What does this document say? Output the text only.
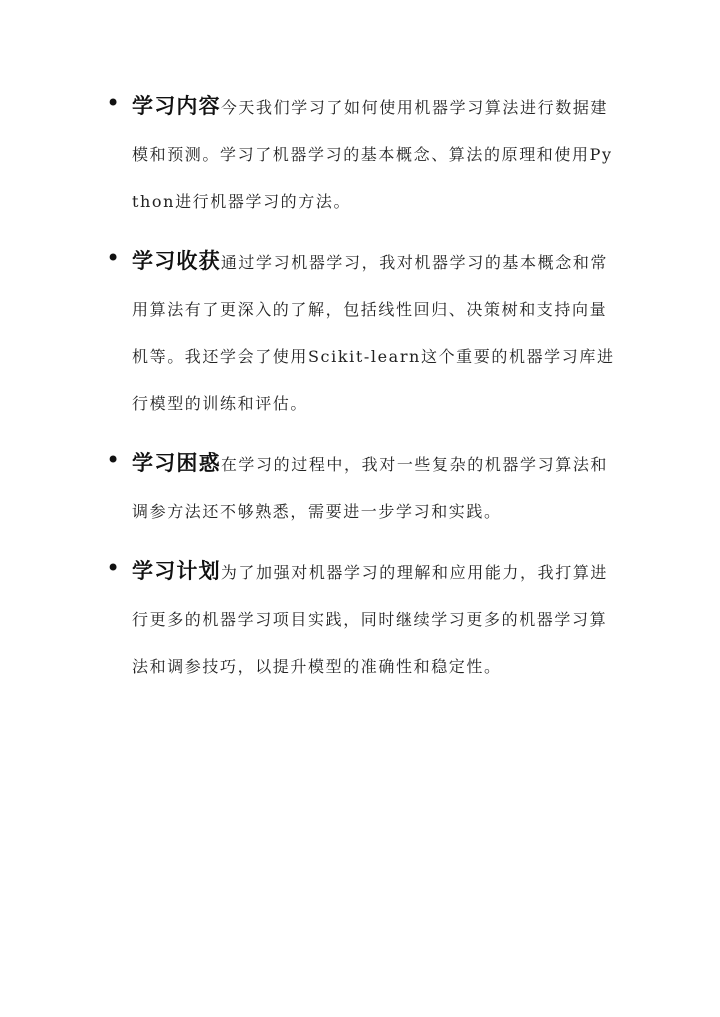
• 学习内容今天我们学习了如何使用机器学习算法进行数据建模和预测。学习了机器学习的基本概念、算法的原理和使用Python进行机器学习的方法。

• 学习收获通过学习机器学习，我对机器学习的基本概念和常用算法有了更深入的了解，包括线性回归、决策树和支持向量机等。我还学会了使用Scikit-learn这个重要的机器学习库进行模型的训练和评估。

• 学习困惑在学习的过程中，我对一些复杂的机器学习算法和调参方法还不够熟悉，需要进一步学习和实践。

• 学习计划为了加强对机器学习的理解和应用能力，我打算进行更多的机器学习项目实践，同时继续学习更多的机器学习算法和调参技巧，以提升模型的准确性和稳定性。
